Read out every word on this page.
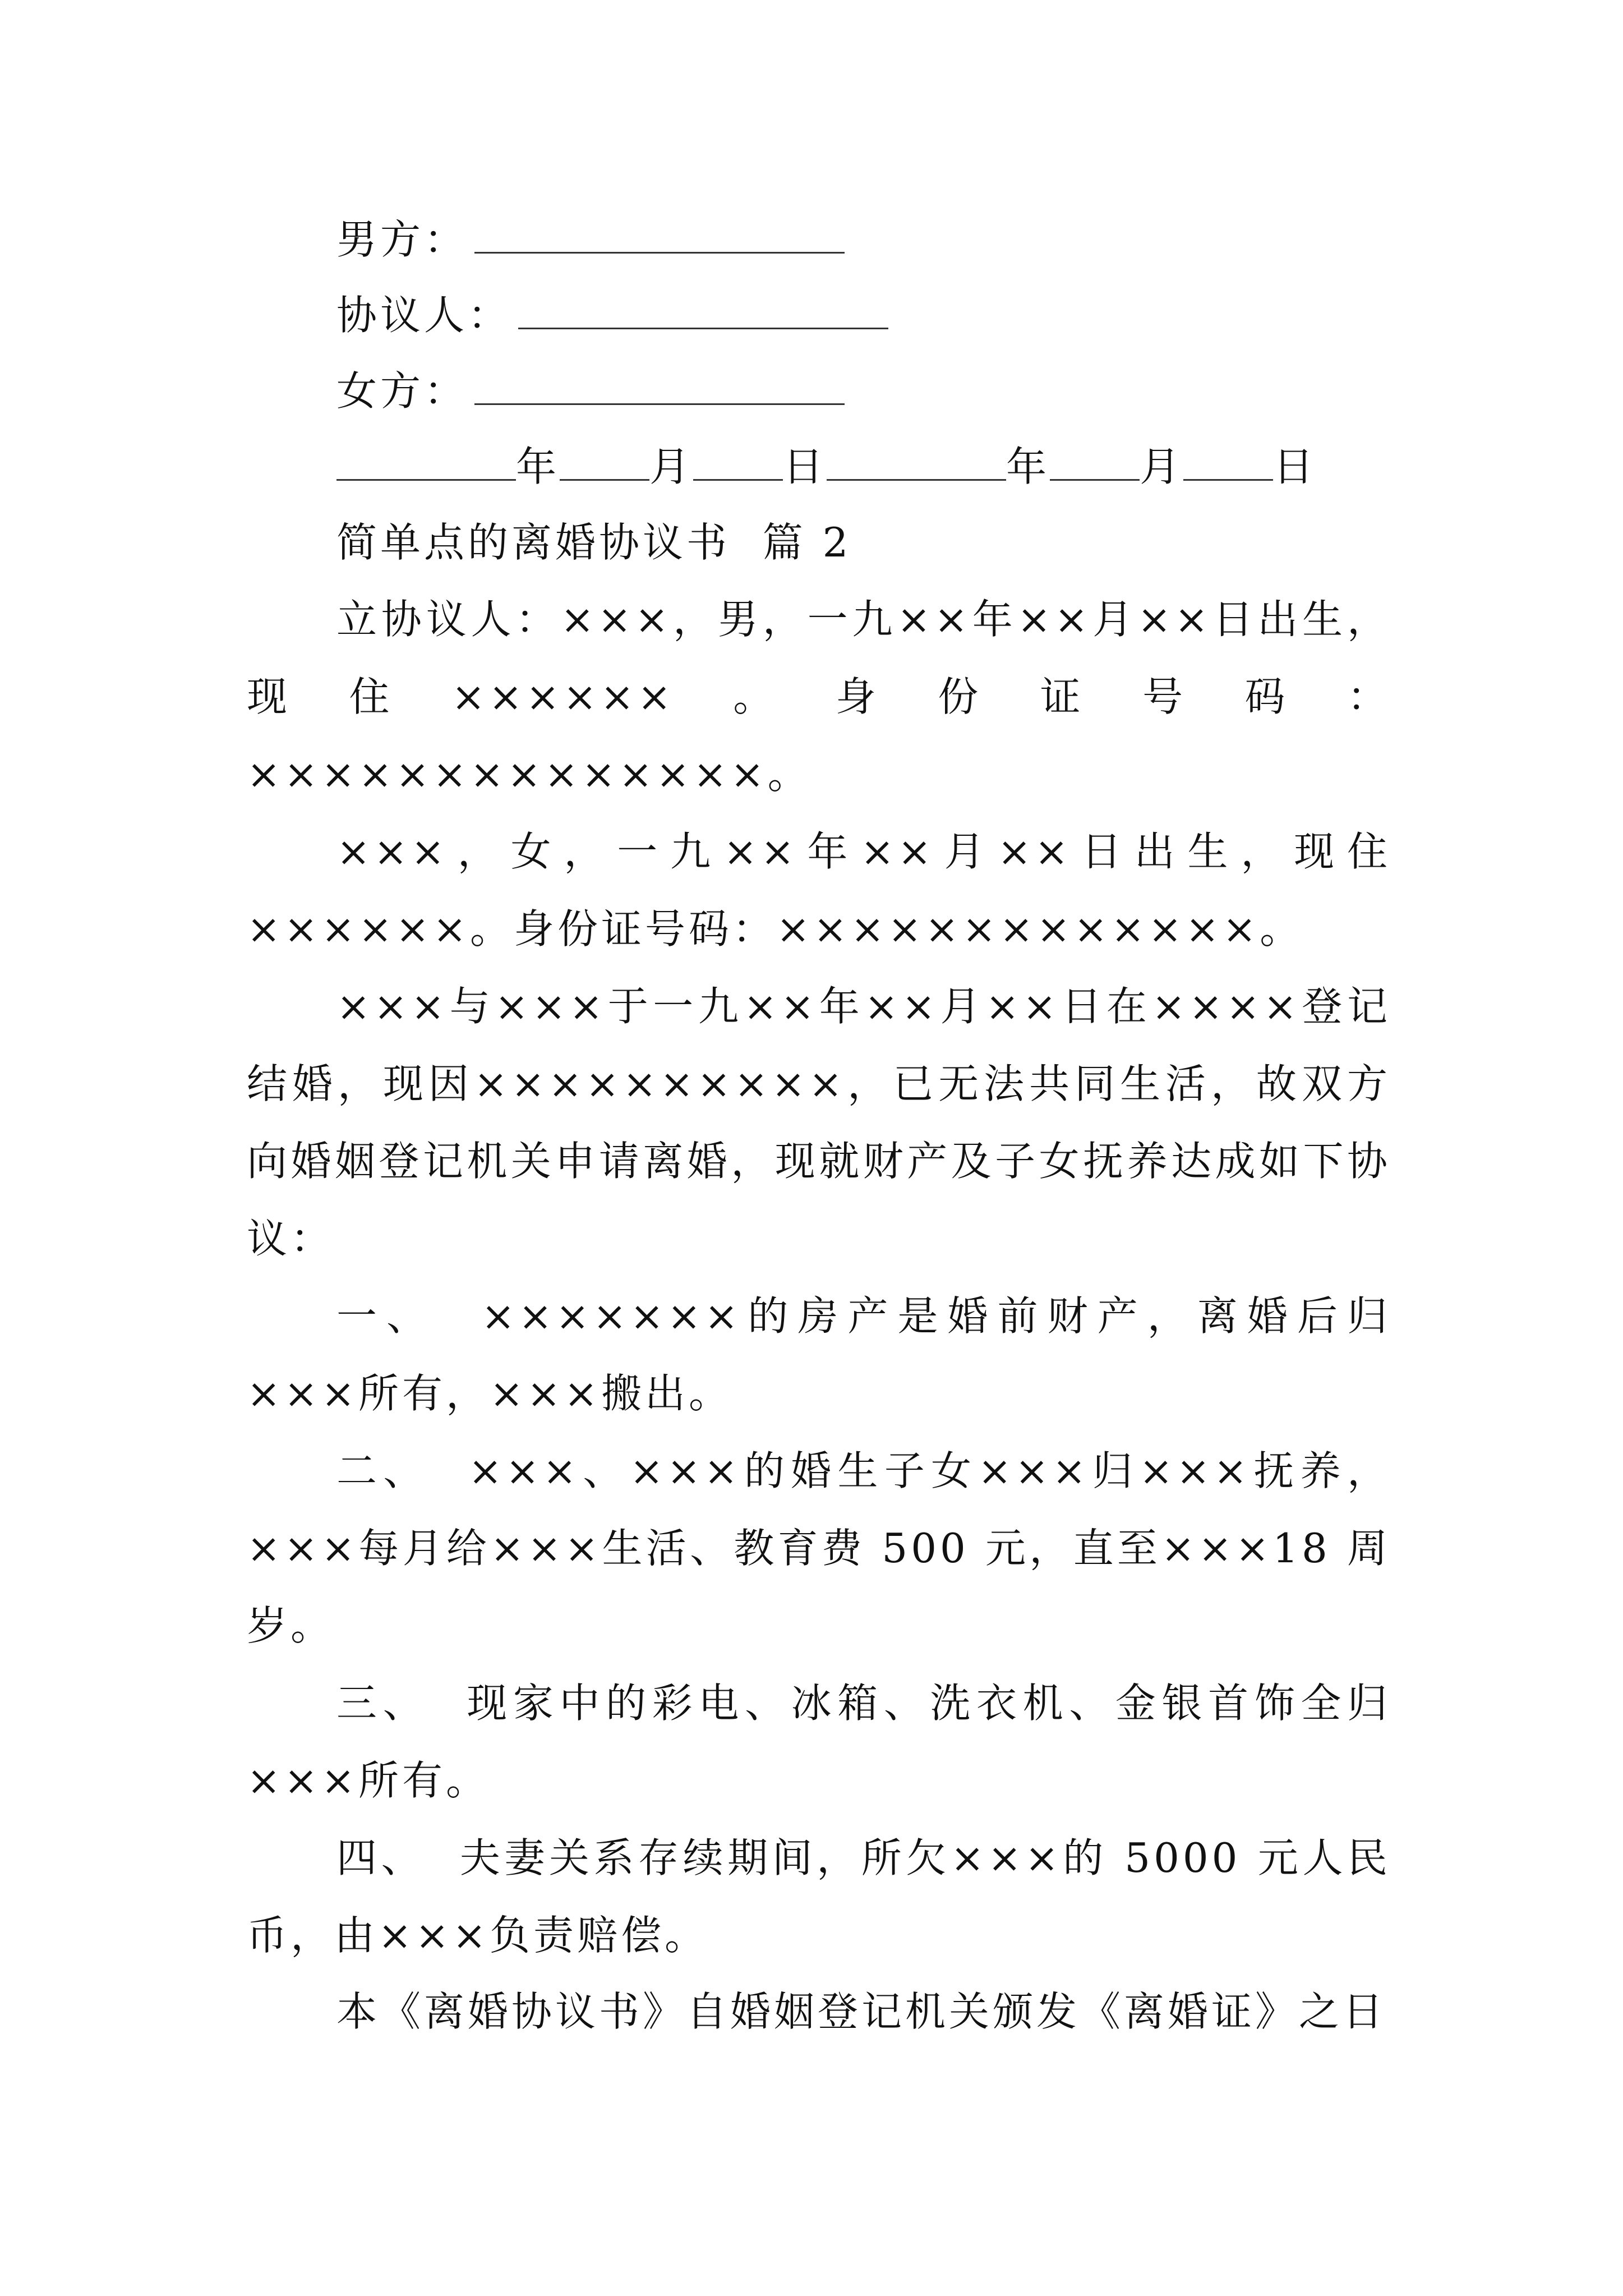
男方：
协议人：
女方：
年 月 日	年 月 日
简单点的离婚协议书  篇 2

立协议人：×××，男，一九××年××月××日出生，现住××××××。身份证号码：××××××××××××××。

×××，女，一九××年××月××日出生，现住××××××。身份证号码：×××××××××××××。

×××与×××于一九××年××月××日在××××登记结婚，现因××××××××××，已无法共同生活，故双方向婚姻登记机关申请离婚，现就财产及子女抚养达成如下协议：

一、  ×××××××的房产是婚前财产，离婚后归×××所有，×××搬出。

二、  ×××、×××的婚生子女×××归×××抚养，×××每月给×××生活、教育费 500 元，直至×××18 周岁。

三、  现家中的彩电、冰箱、洗衣机、金银首饰全归×××所有。

四、  夫妻关系存续期间，所欠×××的 5000 元人民币，由×××负责赔偿。

本《离婚协议书》自婚姻登记机关颁发《离婚证》之日
